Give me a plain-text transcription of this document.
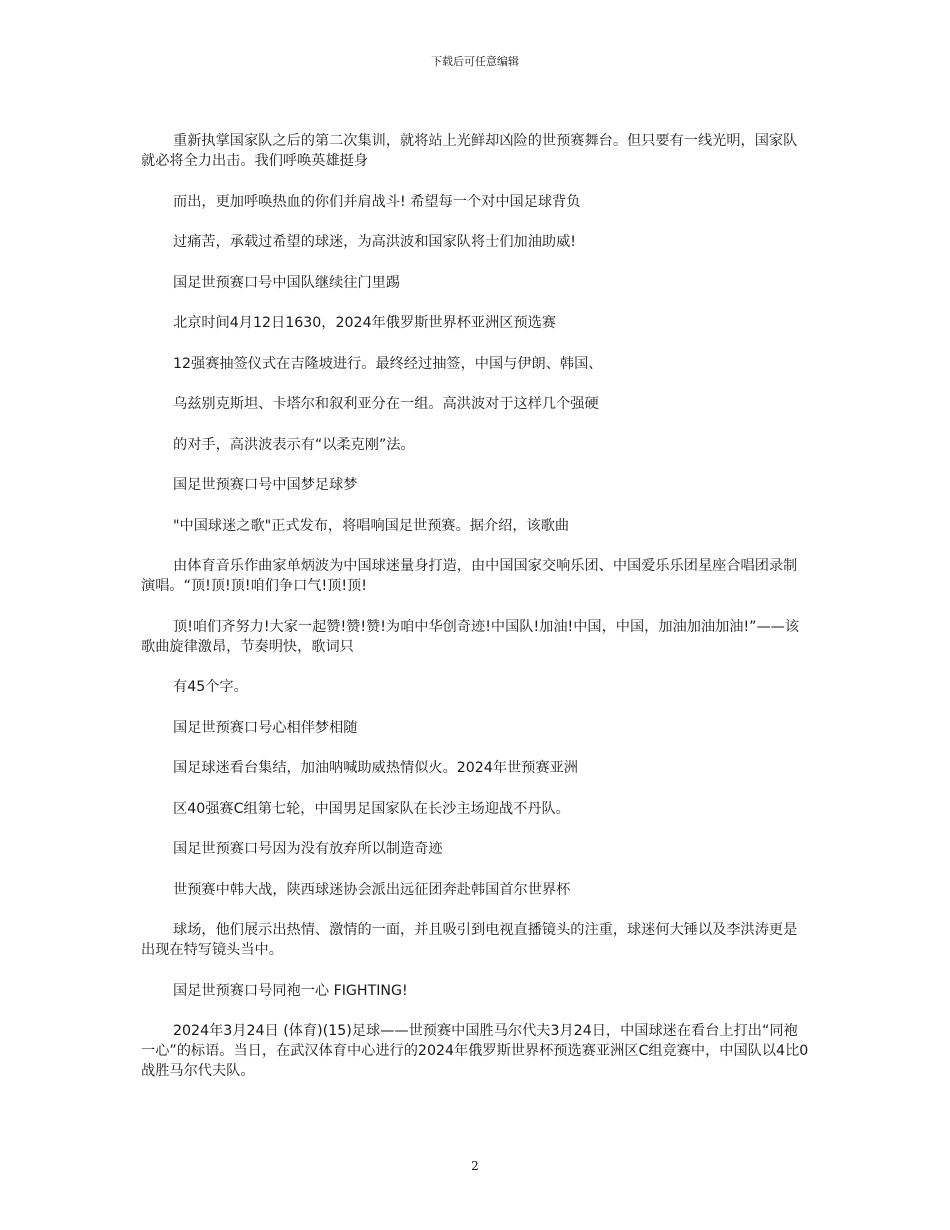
下载后可任意编辑

重新执掌国家队之后的第二次集训，就将站上光鲜却凶险的世预赛舞台。但只要有一线光明，国家队就必将全力出击。我们呼唤英雄挺身

而出，更加呼唤热血的你们并肩战斗! 希望每一个对中国足球背负

过痛苦，承载过希望的球迷，为高洪波和国家队将士们加油助威!

国足世预赛口号中国队继续往门里踢

北京时间4月12日1630，2024年俄罗斯世界杯亚洲区预选赛

12强赛抽签仪式在吉隆坡进行。最终经过抽签，中国与伊朗、韩国、

乌兹别克斯坦、卡塔尔和叙利亚分在一组。高洪波对于这样几个强硬

的对手，高洪波表示有“以柔克刚”法。

国足世预赛口号中国梦足球梦

"中国球迷之歌"正式发布，将唱响国足世预赛。据介绍，该歌曲

由体育音乐作曲家单炳波为中国球迷量身打造，由中国国家交响乐团、中国爱乐乐团星座合唱团录制演唱。“顶!顶!顶!咱们争口气!顶!顶!

顶!咱们齐努力!大家一起赞!赞!赞!为咱中华创奇迹!中国队!加油!中国，中国，加油加油加油!”——该歌曲旋律激昂，节奏明快，歌词只

有45个字。

国足世预赛口号心相伴梦相随

国足球迷看台集结，加油呐喊助威热情似火。2024年世预赛亚洲

区40强赛C组第七轮，中国男足国家队在长沙主场迎战不丹队。

国足世预赛口号因为没有放弃所以制造奇迹

世预赛中韩大战，陕西球迷协会派出远征团奔赴韩国首尔世界杯

球场，他们展示出热情、激情的一面，并且吸引到电视直播镜头的注重，球迷何大锤以及李洪涛更是出现在特写镜头当中。

国足世预赛口号同袍一心 FIGHTING!

2024年3月24日 (体育)(15)足球——世预赛中国胜马尔代夫3月24日，中国球迷在看台上打出“同袍一心”的标语。当日，在武汉体育中心进行的2024年俄罗斯世界杯预选赛亚洲区C组竞赛中，中国队以4比0战胜马尔代夫队。

2
